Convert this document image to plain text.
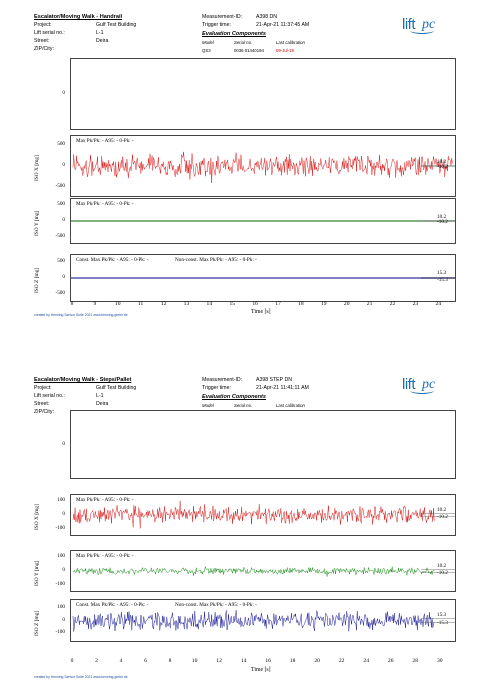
Escalator/Moving Walk - Handrail
Project:	Gulf Test Building
Lift serial no.:	L-1
Street:	Deira
ZIP/City:
Measurement-ID:	A398 DN
Trigger time:	21-Apr-21 11:37:45 AM
Evaluation Components
Model	Serial no.	Last calibration
QS3	0036 01440194	09-Jul-19
lift pc
created by Henning Sensor Suite 2021 www.henning-gmbh.de
0
Max Pk/Pk: - A95: - 0-Pk: -
500
0
-500
ISO X [mg]	10.2
-10.2
Max Pk/Pk: - A95: - 0-Pk: -
500
0
-500
ISO Y [mg]	10.2
-10.2
Const. Max Pk/Pk: - A95: - 0-Pk: -	Non-const. Max Pk/Pk: - A95: - 0-Pk: -
500
0
-500
ISO Z [mg]	15.3
-15.3
8	9	10	11	12	13	14	15	16	17	18	19	20	21	22	23	24
Time [s]
Escalator/Moving Walk - Steps/Pallet
Project:	Gulf Test Building
Lift serial no.:	L-1
Street:	Deira
ZIP/City:
Measurement-ID:	A398 STEP DN
Trigger time:	21-Apr-21 11:41:11 AM
Evaluation Components
Model	Serial no.	Last calibration
lift pc
created by Henning Sensor Suite 2021 www.henning-gmbh.de
0
Max Pk/Pk: - A95: - 0-Pk: -
100
0
-100
ISO X [mg]	10.2
-10.2
Max Pk/Pk: - A95: - 0-Pk: -
100
0
-100
ISO Y [mg]	10.2
-10.2
Const. Max Pk/Pk: - A95: - 0-Pk: -	Non-const. Max Pk/Pk: - A95: - 0-Pk: -
100
0
-100
ISO Z [mg]	15.3
-15.3
0	2	4	6	8	10	12	14	16	18	20	22	24	26	28	30
Time [s]
